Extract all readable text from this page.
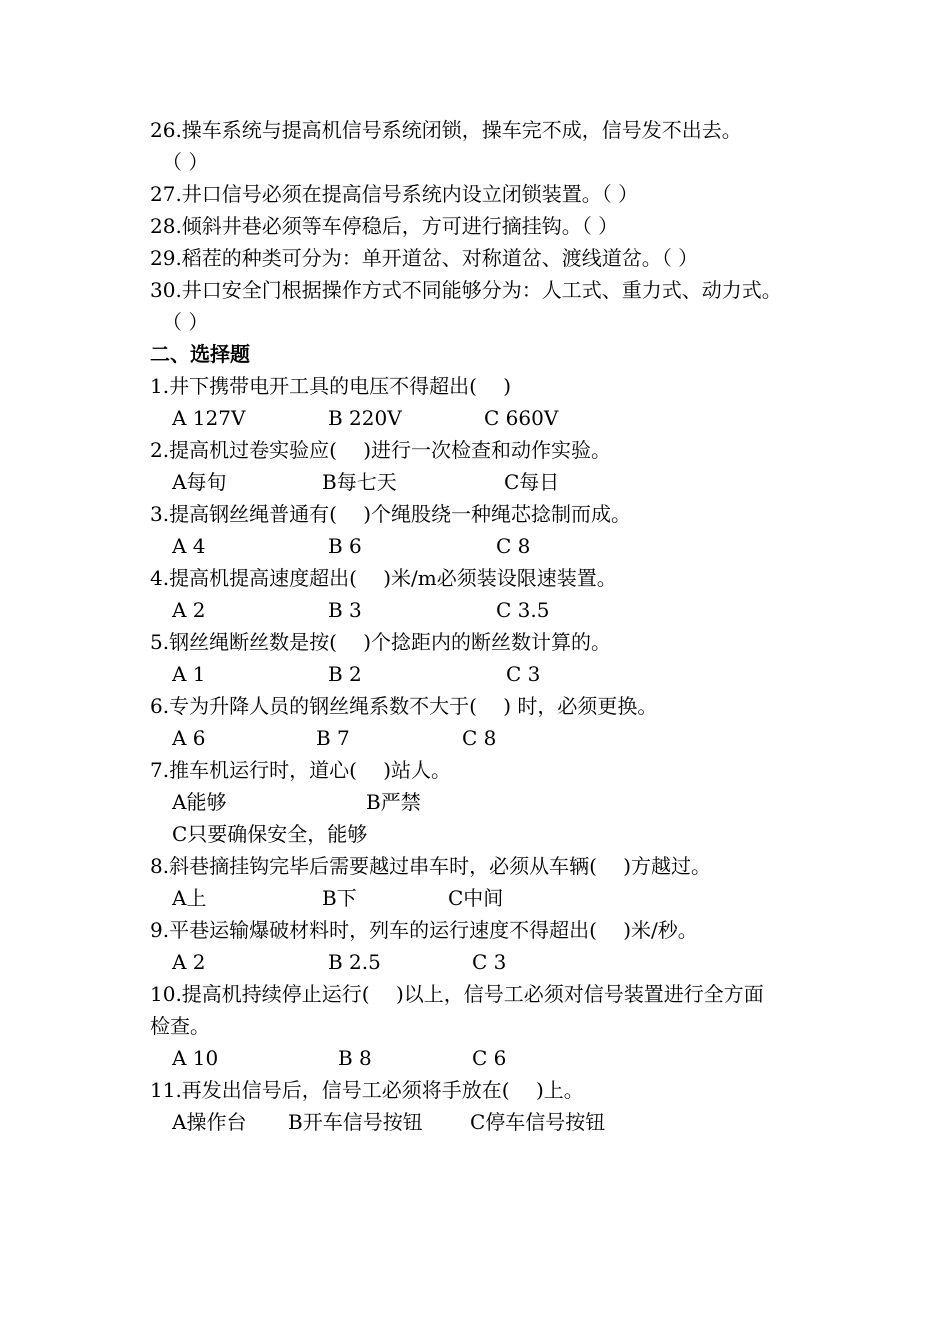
26.操车系统与提高机信号系统闭锁，操车完不成，信号发不出去。
（ ）
27.井口信号必须在提高信号系统内设立闭锁装置。（ ）
28.倾斜井巷必须等车停稳后，方可进行摘挂钩。（ ）
29.稻茬的种类可分为：单开道岔、对称道岔、渡线道岔。（ ）
30.井口安全门根据操作方式不同能够分为：人工式、重力式、动力式。
（ ）
二、选择题
1.井下携带电开工具的电压不得超出(　 )
A 127V	B 220V	C 660V
2.提高机过卷实验应(　 )进行一次检查和动作实验。
A每旬	B每七天	C每日
3.提高钢丝绳普通有(　 )个绳股绕一种绳芯捻制而成。
A 4	B 6	C 8
4.提高机提高速度超出(　 )米/m必须装设限速装置。
A 2	B 3	C 3.5
5.钢丝绳断丝数是按(　 )个捻距内的断丝数计算的。
A 1	B 2	C 3
6.专为升降人员的钢丝绳系数不大于(　 ) 时，必须更换。
A 6	B 7	C 8
7.推车机运行时，道心(　 )站人。
A能够	B严禁
C只要确保安全，能够
8.斜巷摘挂钩完毕后需要越过串车时，必须从车辆(　 )方越过。
A上	B下	C中间
9.平巷运输爆破材料时，列车的运行速度不得超出(　 )米/秒。
A 2	B 2.5	C 3
10.提高机持续停止运行(　 )以上，信号工必须对信号装置进行全方面
检查。
A 10	B 8	C 6
11.再发出信号后，信号工必须将手放在(　 )上。
A操作台 B开车信号按钮 C停车信号按钮
